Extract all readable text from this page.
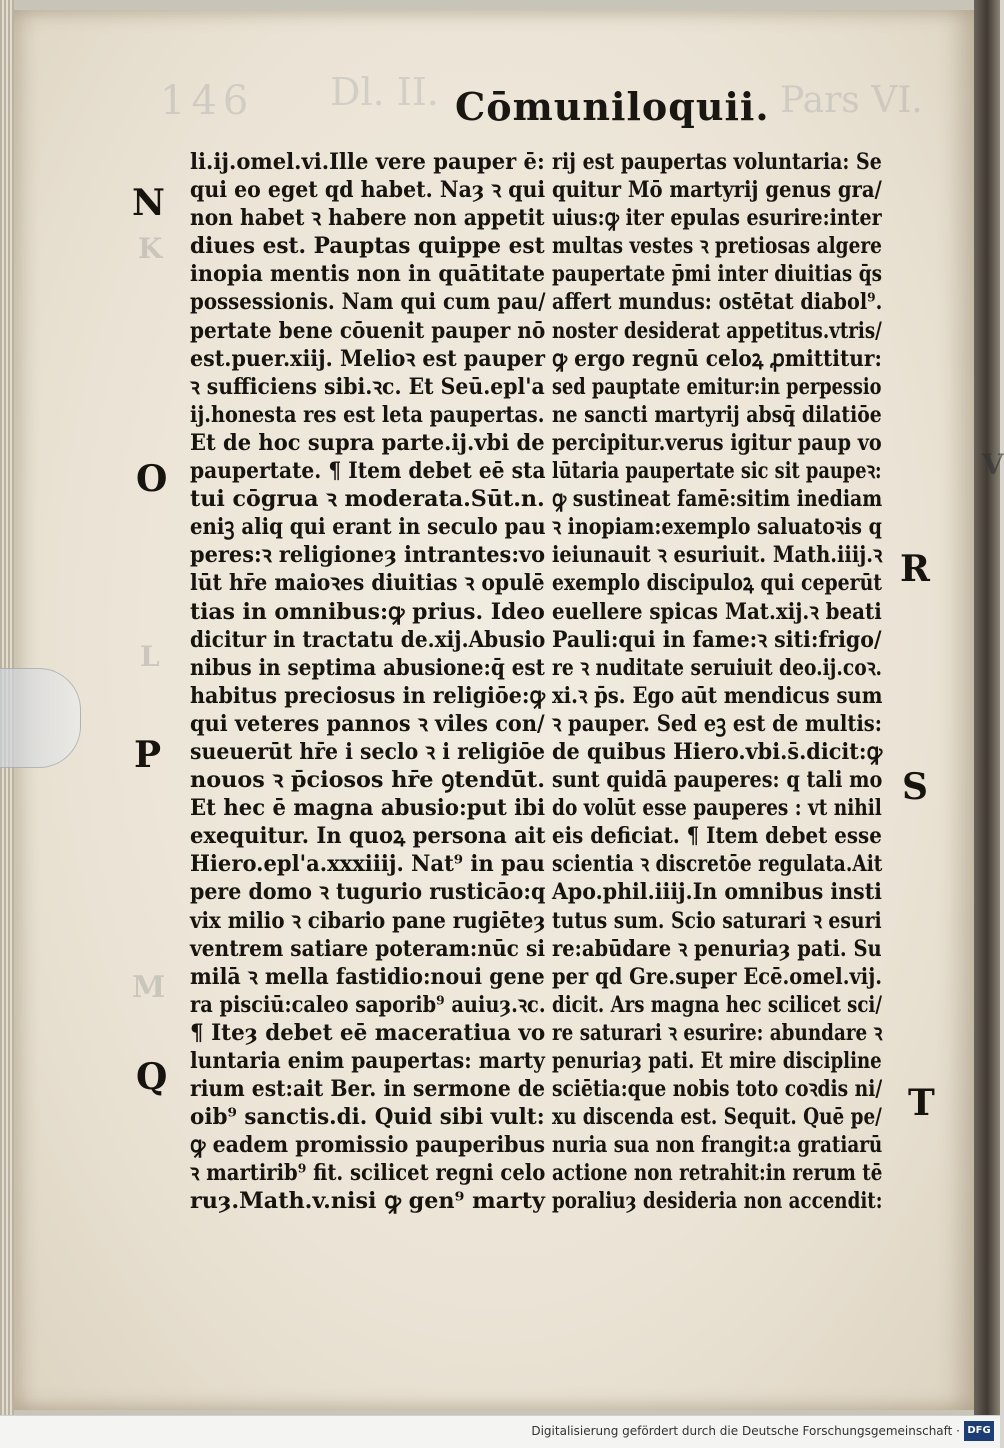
146 Dl. II.	Pars VI.
Cōmuniloquii.
li.ij.omel.vi.Ille vere pauper ē:
qui eo eget qd habet. Naȝ ꝛ qui
non habet ꝛ habere non appetit
diues est. Pauptas quippe est
inopia mentis non in quātitate
possessionis. Nam qui cum pau/
pertate bene cōuenit pauper nō
est.puer.xiij. Melioꝛ est pauper
ꝛ sufficiens sibi.ꝛc. Et Seū.epl'a
ij.honesta res est leta paupertas.
Et de hoc supra parte.ij.vbi de
paupertate. ¶ Item debet eē sta
tui cōgrua ꝛ moderata.Sūt.n.
eniꝫ aliq qui erant in seculo pau
peres:ꝛ religioneȝ intrantes:vo
lūt hr̄e maioꝛes diuitias ꝛ opulē
tias in omnibus:ꝙ prius. Ideo
dicitur in tractatu de.xij.Abusio
nibus in septima abusione:q̄ est
habitus preciosus in religiōe:ꝙ
qui veteres pannos ꝛ viles con/
sueuerūt hr̄e i seclo ꝛ i religiōe
nouos ꝛ p̄ciosos hr̄e ꝯtendūt.
Et hec ē magna abusio:put ibi
exequitur. In quoꝝ persona ait
Hiero.epl'a.xxxiiij. Nat⁹ in pau
pere domo ꝛ tugurio rusticāo:q
vix milio ꝛ cibario pane rugiēteȝ
ventrem satiare poteram:nūc si
milā ꝛ mella fastidio:noui gene
ra pisciū:caleo saporib⁹ auiuȝ.ꝛc.
¶ Iteȝ debet eē maceratiua vo
luntaria enim paupertas: marty
rium est:ait Ber. in sermone de
oib⁹ sanctis.di. Quid sibi vult:
ꝙ eadem promissio pauperibus
ꝛ martirib⁹ fit. scilicet regni celo
ruȝ.Math.v.nisi ꝙ gen⁹ marty
rij est paupertas voluntaria: Se
quitur Mō martyrij genus gra/
uius:ꝙ iter epulas esurire:inter
multas vestes ꝛ pretiosas algere
paupertate p̄mi inter diuitias q̄s
affert mundus: ostētat diabol⁹.
noster desiderat appetitus.vtris/
ꝙ ergo regnū celoꝝ ꝓmittitur:
sed pauptate emitur:in perpessio
ne sancti martyrij absq̄ dilatiōe
percipitur.verus igitur paup vo
lūtaria paupertate sic sit paupeꝛ:
ꝙ sustineat famē:sitim inediam
ꝛ inopiam:exemplo saluatoꝛis q
ieiunauit ꝛ esuriuit. Math.iiij.ꝛ
exemplo discipuloꝝ qui ceperūt
euellere spicas Mat.xij.ꝛ beati
Pauli:qui in fame:ꝛ siti:frigo/
re ꝛ nuditate seruiuit deo.ij.coꝛ.
xi.ꝛ p̄s. Ego aūt mendicus sum
ꝛ pauper. Sed eꝫ est de multis:
de quibus Hiero.vbi.s̄.dicit:ꝙ
sunt quidā pauperes: q tali mo
do volūt esse pauperes : vt nihil
eis deficiat. ¶ Item debet esse
scientia ꝛ discretōe regulata.Ait
Apo.phil.iiij.In omnibus insti
tutus sum. Scio saturari ꝛ esuri
re:abūdare ꝛ penuriaȝ pati. Su
per qd Gre.super Ecē.omel.vij.
dicit. Ars magna hec scilicet sci/
re saturari ꝛ esurire: abundare ꝛ
penuriaȝ pati. Et mire discipline
sciētia:que nobis toto coꝛdis ni/
xu discenda est. Sequit. Quē pe/
nuria sua non frangit:a gratiarū
actione non retrahit:in rerum tē
poraliuȝ desideria non accendit:
N
K
O
L
P
M
Q
V
R
S
T
Digitalisierung gefördert durch die Deutsche Forschungsgemeinschaft · DFG
